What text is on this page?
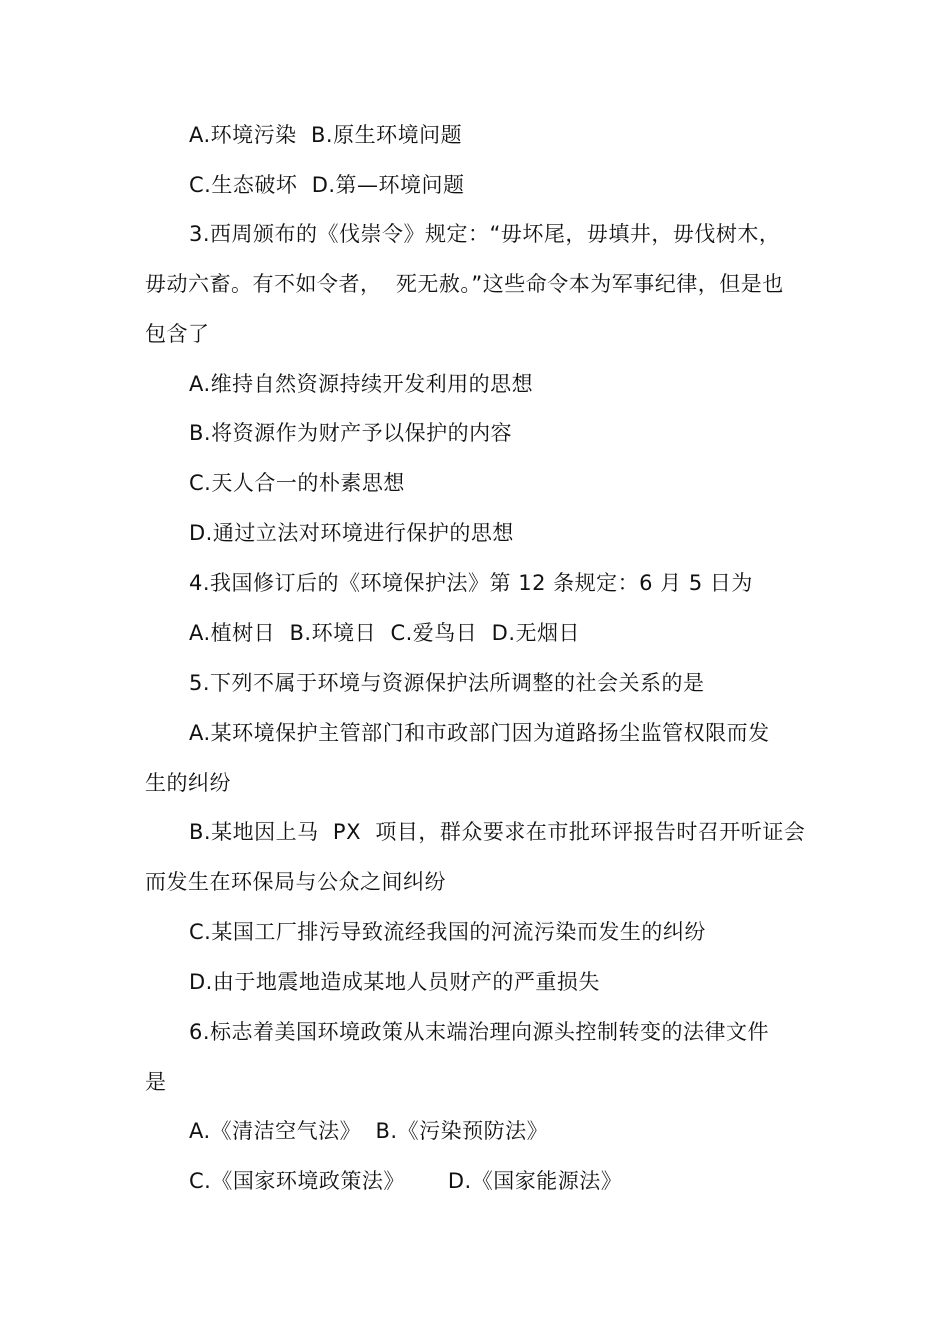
A.环境污染  B.原生环境问题
C.生态破坏  D.第—环境问题
3.西周颁布的《伐崇令》规定：“毋坏尾，毋填井，毋伐树木，
毋动六畜。有不如令者，  死无赦。”这些命令本为军事纪律，但是也
包含了
A.维持自然资源持续开发利用的思想
B.将资源作为财产予以保护的内容
C.天人合一的朴素思想
D.通过立法对环境进行保护的思想
4.我国修订后的《环境保护法》第 12 条规定：6 月 5 日为
A.植树日  B.环境日  C.爱鸟日  D.无烟日
5.下列不属于环境与资源保护法所调整的社会关系的是
A.某环境保护主管部门和市政部门因为道路扬尘监管权限而发
生的纠纷
B.某地因上马  PX  项目，群众要求在市批环评报告时召开听证会
而发生在环保局与公众之间纠纷
C.某国工厂排污导致流经我国的河流污染而发生的纠纷
D.由于地震地造成某地人员财产的严重损失
6.标志着美国环境政策从末端治理向源头控制转变的法律文件
是
A.《清洁空气法》  B.《污染预防法》
C.《国家环境政策法》      D.《国家能源法》
